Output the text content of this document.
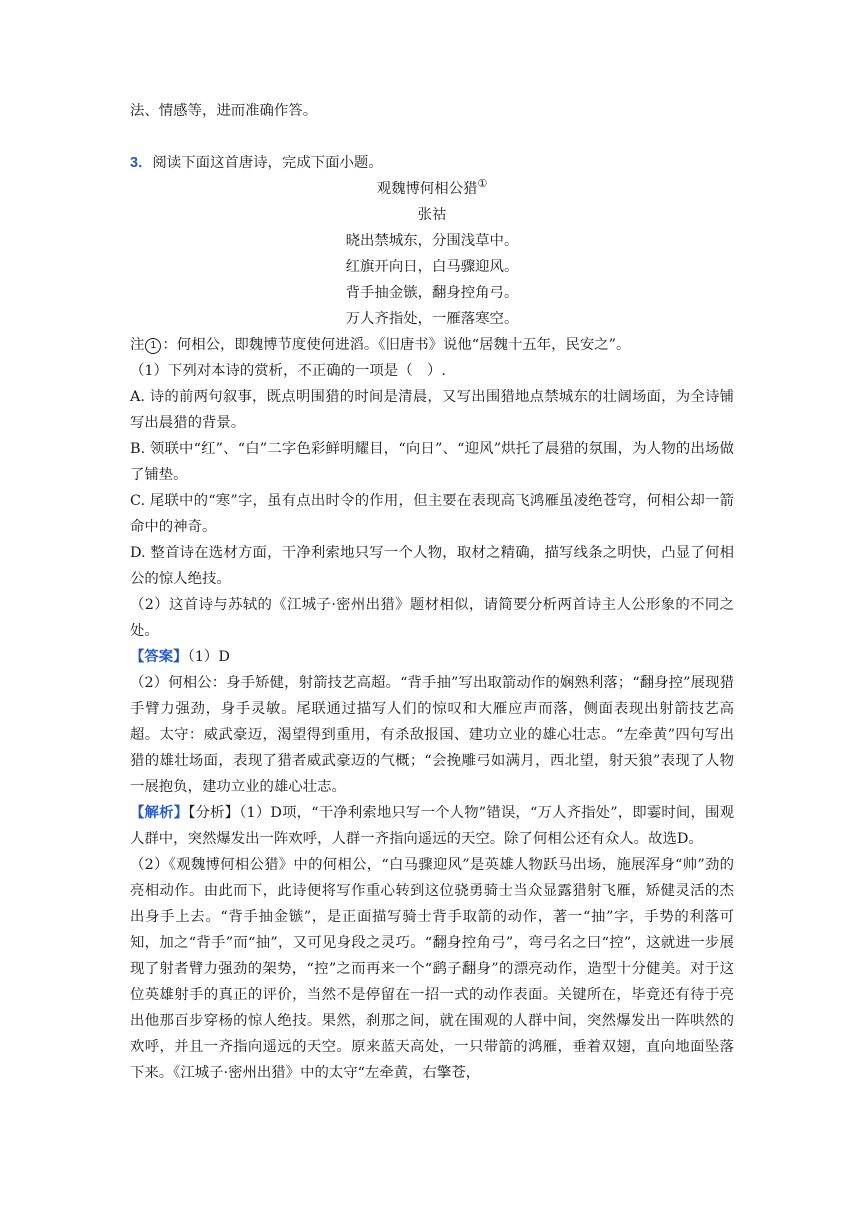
法、情感等，进而准确作答。
3．阅读下面这首唐诗，完成下面小题。
观魏博何相公猎①
张祜
晓出禁城东，分围浅草中。
红旗开向日，白马骤迎风。
背手抽金镞，翻身控角弓。
万人齐指处，一雁落寒空。
注 1 ：何相公，即魏博节度使何进滔。《旧唐书》说他“居魏十五年，民安之”。
（1）下列对本诗的赏析，不正确的一项是（　）.
A. 诗的前两句叙事，既点明围猎的时间是清晨，又写出围猎地点禁城东的壮阔场面，为全诗铺写出晨猎的背景。
B. 领联中“红”、“白”二字色彩鲜明耀目，“向日”、“迎风”烘托了晨猎的氛围，为人物的出场做了铺垫。
C. 尾联中的“寒”字，虽有点出时令的作用，但主要在表现高飞鸿雁虽凌绝苍穹，何相公却一箭命中的神奇。
D. 整首诗在选材方面，干净利索地只写一个人物，取材之精确，描写线条之明快，凸显了何相公的惊人绝技。
（2）这首诗与苏轼的《江城子·密州出猎》题材相似，请简要分析两首诗主人公形象的不同之处。
【答案】（1）D
（2）何相公：身手矫健，射箭技艺高超。“背手抽”写出取箭动作的娴熟利落；“翻身控”展现猎手臂力强劲，身手灵敏。尾联通过描写人们的惊叹和大雁应声而落，侧面表现出射箭技艺高超。太守：威武豪迈，渴望得到重用，有杀敌报国、建功立业的雄心壮志。“左牵黄”四句写出猎的雄壮场面，表现了猎者威武豪迈的气概；“会挽雕弓如满月，西北望，射天狼”表现了人物一展抱负，建功立业的雄心壮志。
【解析】【分析】（1）D项，“干净利索地只写一个人物”错误，“万人齐指处”，即霎时间，围观人群中，突然爆发出一阵欢呼，人群一齐指向遥远的天空。除了何相公还有众人。故选D。
（2）《观魏博何相公猎》中的何相公，“白马骤迎风”是英雄人物跃马出场，施展浑身“帅”劲的亮相动作。由此而下，此诗便将写作重心转到这位骁勇骑士当众显露猎射飞雁，矫健灵活的杰出身手上去。“背手抽金镞”，是正面描写骑士背手取箭的动作，著一“抽”字，手势的利落可知，加之“背手”而“抽”，又可见身段之灵巧。“翻身控角弓”，弯弓名之曰“控”，这就进一步展现了射者臂力强劲的架势，“控”之而再来一个“鹞子翻身”的漂亮动作，造型十分健美。对于这位英雄射手的真正的评价，当然不是停留在一招一式的动作表面。关键所在，毕竟还有待于亮出他那百步穿杨的惊人绝技。果然，刹那之间，就在围观的人群中间，突然爆发出一阵哄然的欢呼，并且一齐指向遥远的天空。原来蓝天高处，一只带箭的鸿雁，垂着双翅，直向地面坠落下来。《江城子·密州出猎》中的太守“左牵黄，右擎苍，
